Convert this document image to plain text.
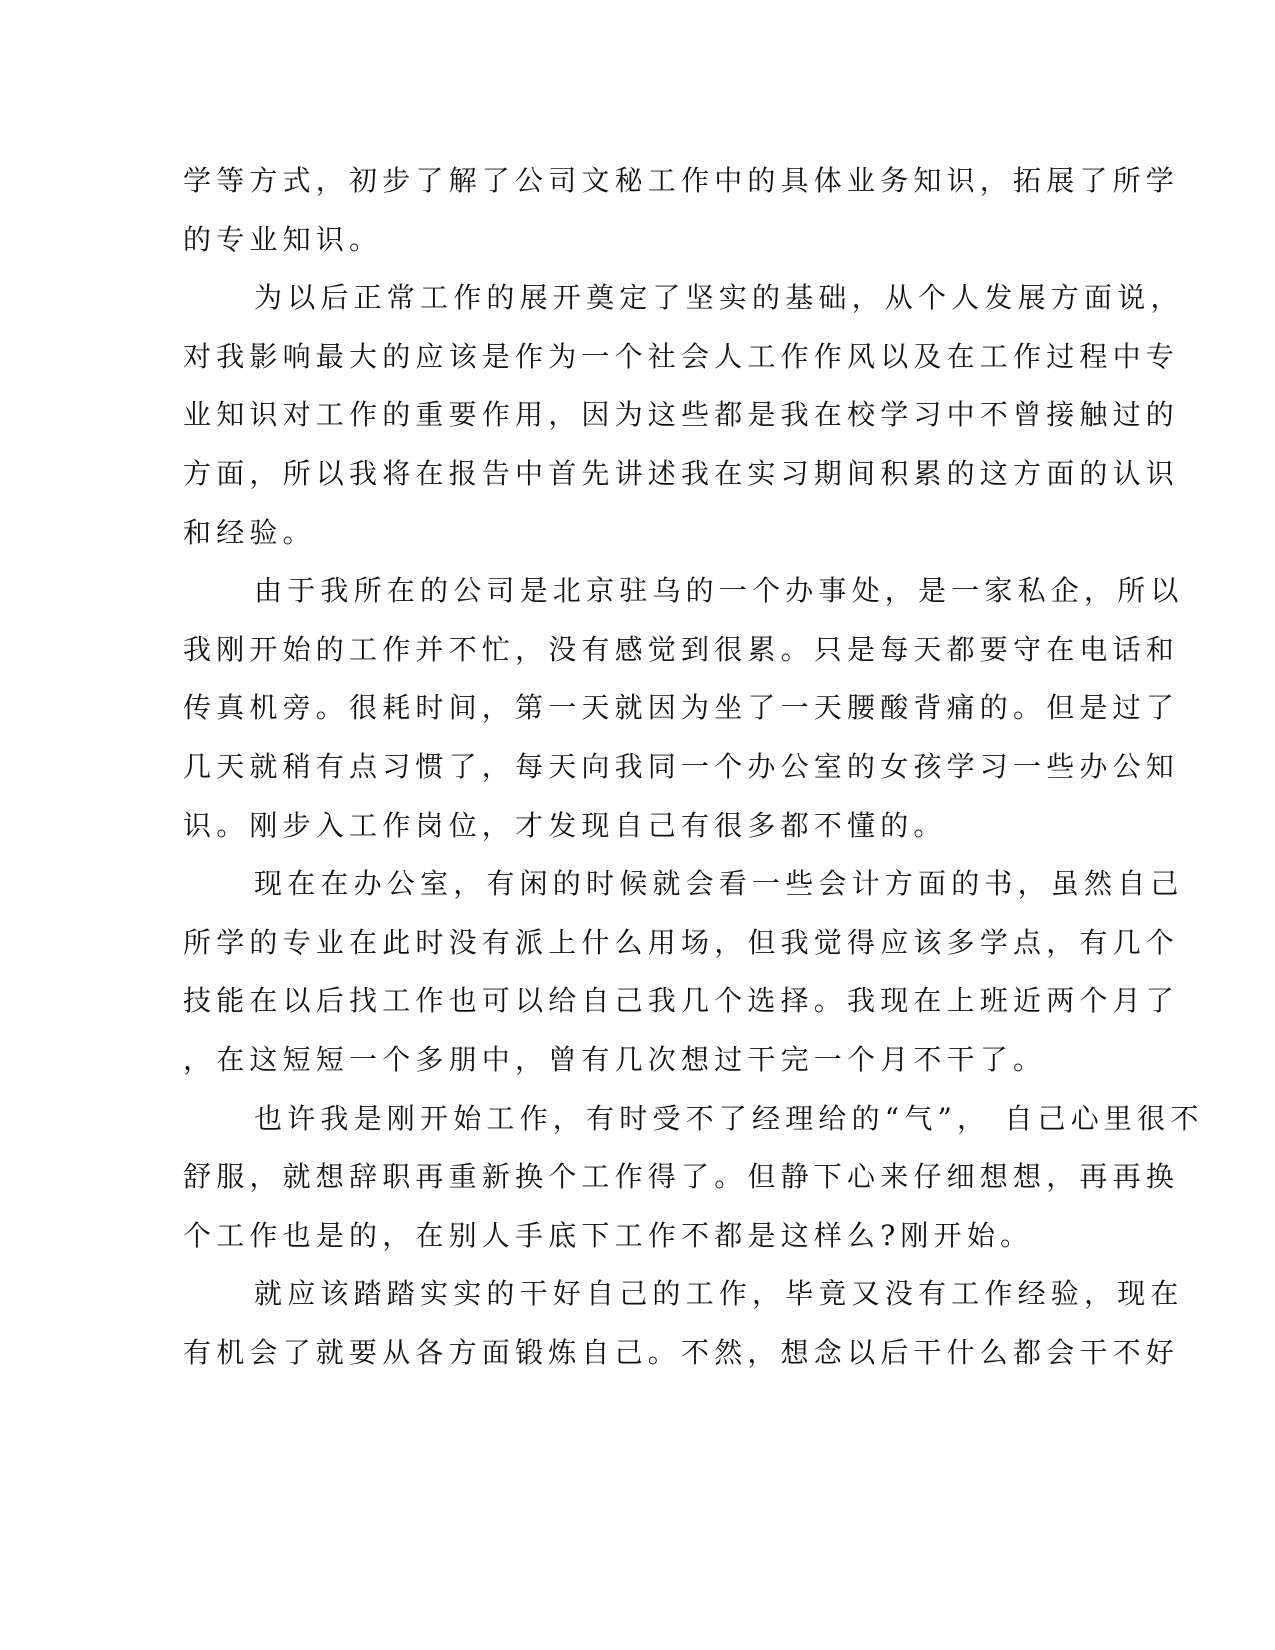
学等方式，初步了解了公司文秘工作中的具体业务知识，拓展了所学
的专业知识。
为以后正常工作的展开奠定了坚实的基础，从个人发展方面说，
对我影响最大的应该是作为一个社会人工作作风以及在工作过程中专
业知识对工作的重要作用，因为这些都是我在校学习中不曾接触过的
方面，所以我将在报告中首先讲述我在实习期间积累的这方面的认识
和经验。
由于我所在的公司是北京驻乌的一个办事处，是一家私企，所以
我刚开始的工作并不忙，没有感觉到很累。只是每天都要守在电话和
传真机旁。很耗时间，第一天就因为坐了一天腰酸背痛的。但是过了
几天就稍有点习惯了，每天向我同一个办公室的女孩学习一些办公知
识。刚步入工作岗位，才发现自己有很多都不懂的。
现在在办公室，有闲的时候就会看一些会计方面的书，虽然自己
所学的专业在此时没有派上什么用场，但我觉得应该多学点，有几个
技能在以后找工作也可以给自己我几个选择。我现在上班近两个月了
，在这短短一个多朋中，曾有几次想过干完一个月不干了。
也许我是刚开始工作，有时受不了经理给的“气”， 自己心里很不
舒服，就想辞职再重新换个工作得了。但静下心来仔细想想，再再换
个工作也是的，在别人手底下工作不都是这样么?刚开始。
就应该踏踏实实的干好自己的工作，毕竟又没有工作经验，现在
有机会了就要从各方面锻炼自己。不然，想念以后干什么都会干不好
